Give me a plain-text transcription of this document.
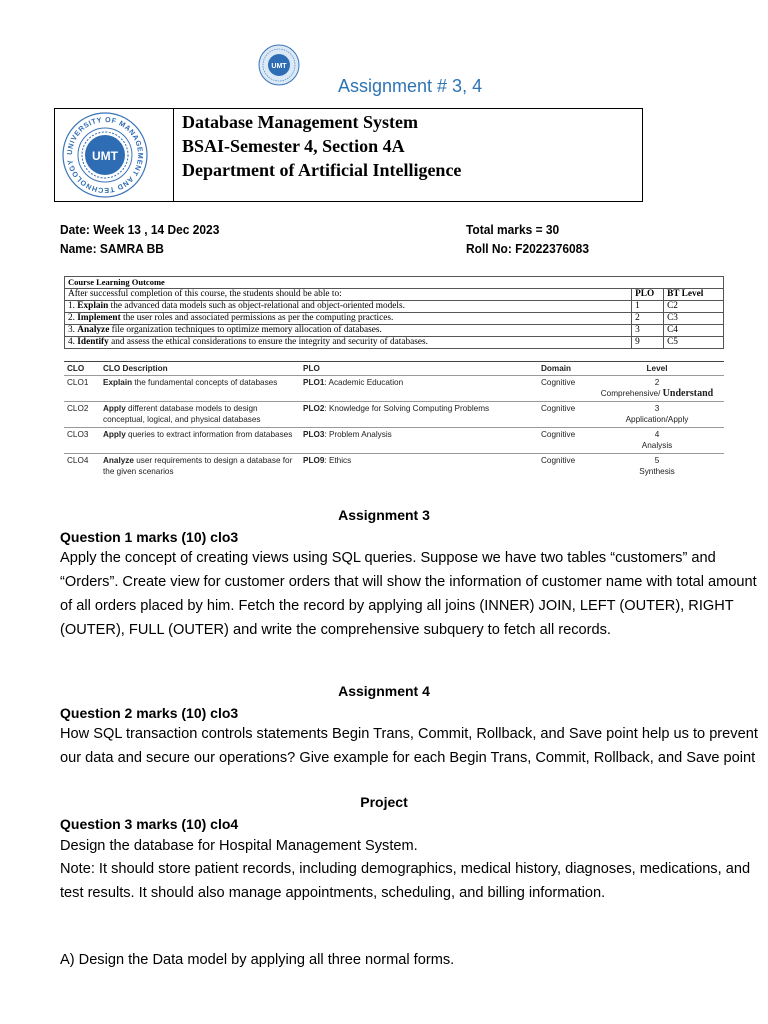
UMT
Assignment # 3, 4
UNIVERSITY OF MANAGEMENT AND TECHNOLOGY	UMT
Database Management System
BSAI-Semester 4, Section 4A
Department of Artificial Intelligence
Date: Week 13 , 14 Dec 2023
Name: SAMRA BB
Total marks = 30
Roll No: F2022376083
Course Learning Outcome		
After successful completion of this course, the students should be able to:	PLO	BT Level
1. Explain the advanced data models such as object-relational and object-oriented models.	1	C2
2. Implement the user roles and associated permissions as per the computing practices.	2	C3
3. Analyze file organization techniques to optimize memory allocation of databases.	3	C4
4. Identify and assess the ethical considerations to ensure the integrity and security of databases.	9	C5
CLO	CLO Description	PLO	Domain	Level
CLO1	Explain the fundamental concepts of databases	PLO1: Academic Education	Cognitive	2
Comprehensive/ Understand
CLO2	Apply different database models to design conceptual, logical, and physical databases	PLO2: Knowledge for Solving Computing Problems	Cognitive	3
Application/Apply
CLO3	Apply queries to extract information from databases	PLO3: Problem Analysis	Cognitive	4
Analysis
CLO4	Analyze user requirements to design a database for the given scenarios	PLO9: Ethics	Cognitive	5
Synthesis
Assignment 3
Question 1 marks (10) clo3
Apply the concept of creating views using SQL queries. Suppose we have two tables “customers” and “Orders”. Create view for customer orders that will show the information of customer name with total amount of all orders placed by him. Fetch the record by applying all joins (INNER) JOIN, LEFT (OUTER), RIGHT (OUTER), FULL (OUTER) and write the comprehensive subquery to fetch all records.
Assignment 4
Question 2 marks (10) clo3
How SQL transaction controls statements Begin Trans, Commit, Rollback, and Save point help us to prevent our data and secure our operations? Give example for each Begin Trans, Commit, Rollback, and Save point
Project
Question 3 marks (10) clo4
Design the database for Hospital Management System.
Note: It should store patient records, including demographics, medical history, diagnoses, medications, and test results. It should also manage appointments, scheduling, and billing information.
A) Design the Data model by applying all three normal forms.
